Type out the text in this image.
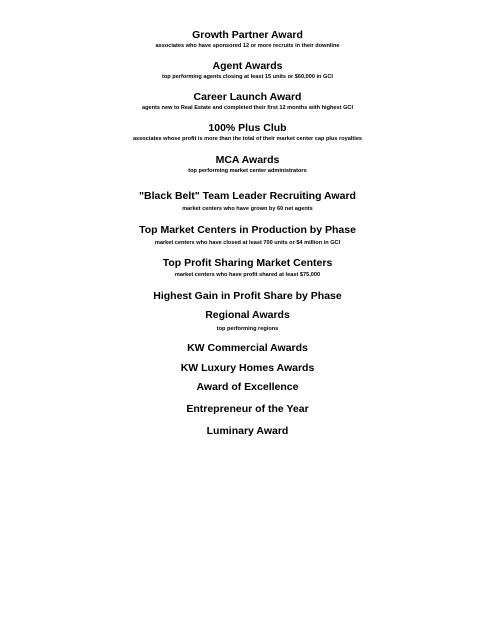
Growth Partner Award

associates who have sponsored 12 or more recruits in their downline

Agent Awards

top performing agents closing at least 15 units or $60,000 in GCI

Career Launch Award

agents new to Real Estate and completed their first 12 months with highest GCI

100% Plus Club

associates whose profit is more than the total of their market center cap plus royalties

MCA Awards

top performing market center administrators

"Black Belt" Team Leader Recruiting Award

market centers who have grown by 60 net agents

Top Market Centers in Production by Phase

market centers who have closed at least 700 units or $4 million in GCI

Top Profit Sharing Market Centers

market centers who have profit shared at least $75,000

Highest Gain in Profit Share by Phase

Regional Awards

top performing regions

KW Commercial Awards

KW Luxury Homes Awards

Award of Excellence

Entrepreneur of the Year

Luminary Award
